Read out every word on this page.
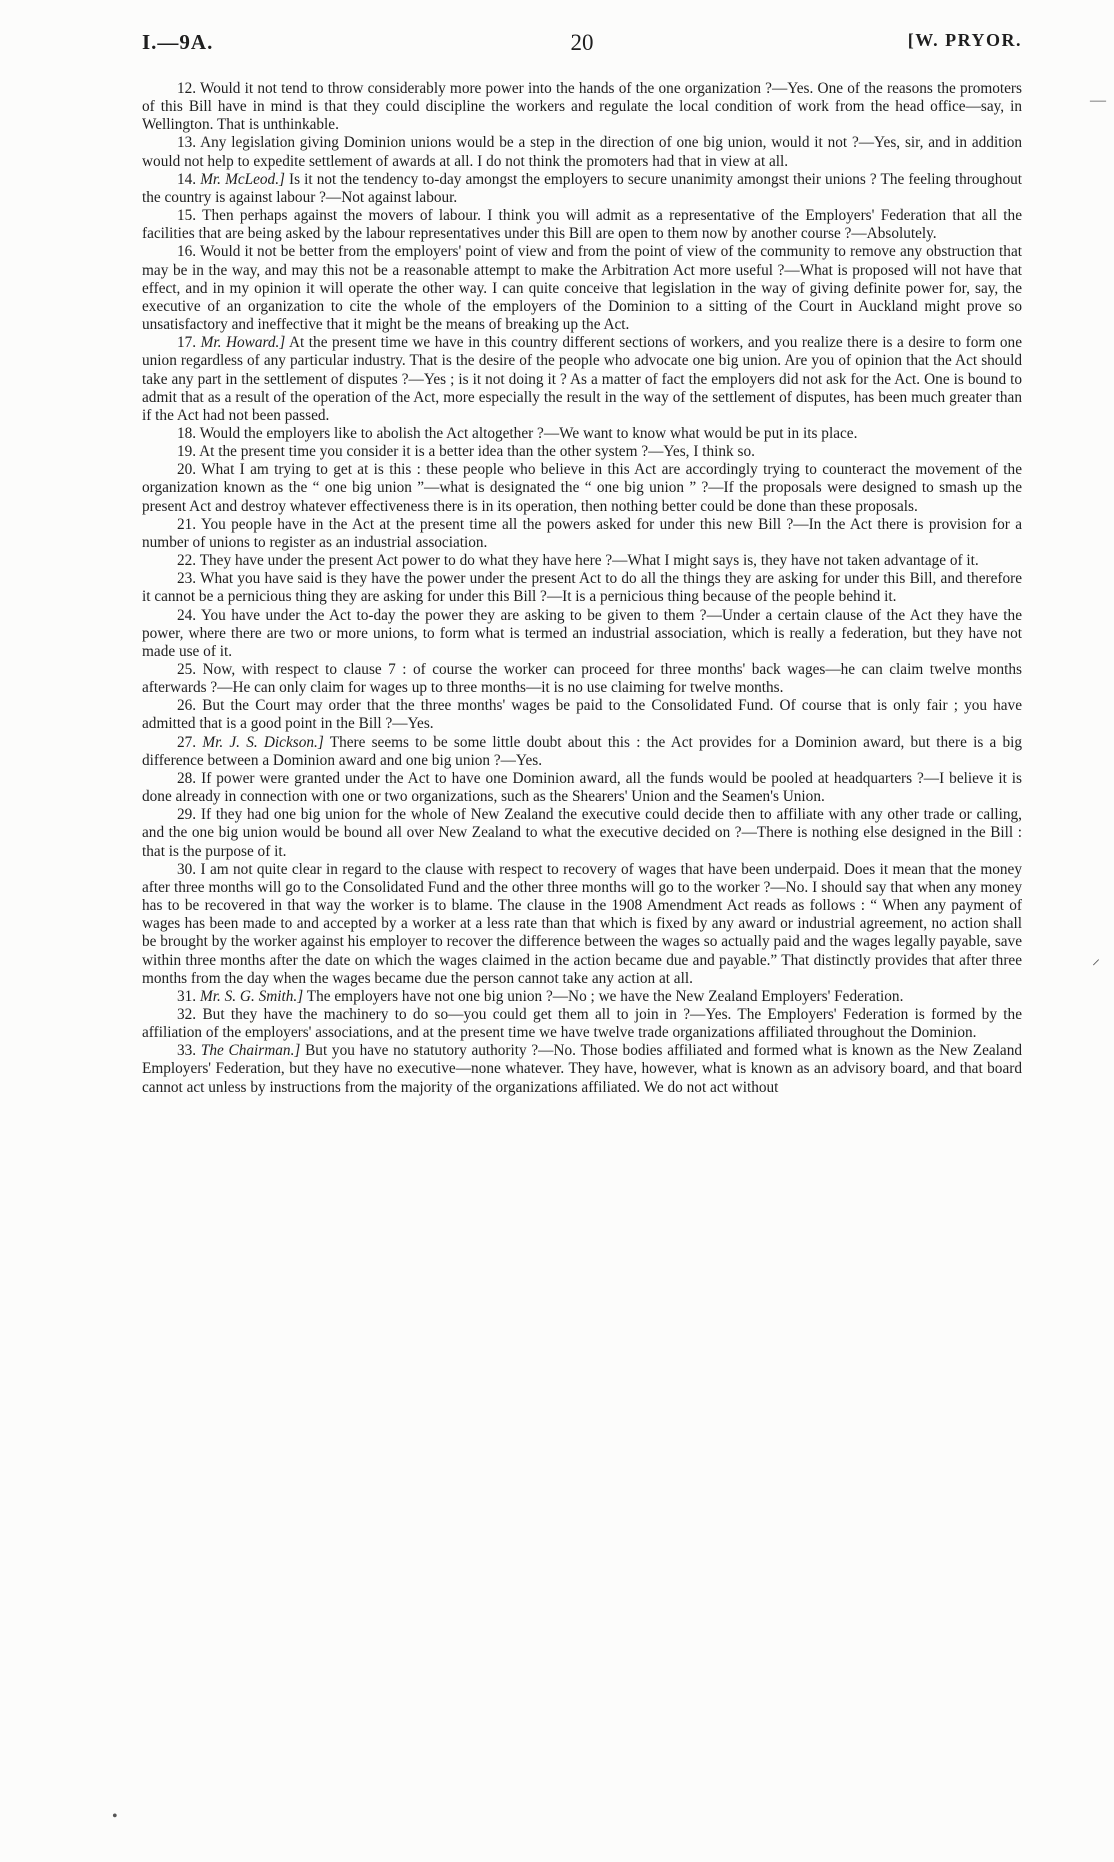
I.—9A.	20	[W. PRYOR.
—
⸝
•

12. Would it not tend to throw considerably more power into the hands of the one organization ?—Yes. One of the reasons the promoters of this Bill have in mind is that they could discipline the workers and regulate the local condition of work from the head office—say, in Wellington. That is unthinkable.

13. Any legislation giving Dominion unions would be a step in the direction of one big union, would it not ?—Yes, sir, and in addition would not help to expedite settlement of awards at all. I do not think the promoters had that in view at all.

14. Mr. McLeod.] Is it not the tendency to-day amongst the employers to secure unanimity amongst their unions ? The feeling throughout the country is against labour ?—Not against labour.

15. Then perhaps against the movers of labour. I think you will admit as a representative of the Employers' Federation that all the facilities that are being asked by the labour representatives under this Bill are open to them now by another course ?—Absolutely.

16. Would it not be better from the employers' point of view and from the point of view of the community to remove any obstruction that may be in the way, and may this not be a reasonable attempt to make the Arbitration Act more useful ?—What is proposed will not have that effect, and in my opinion it will operate the other way. I can quite conceive that legislation in the way of giving definite power for, say, the executive of an organization to cite the whole of the employers of the Dominion to a sitting of the Court in Auckland might prove so unsatisfactory and ineffective that it might be the means of breaking up the Act.

17. Mr. Howard.] At the present time we have in this country different sections of workers, and you realize there is a desire to form one union regardless of any particular industry. That is the desire of the people who advocate one big union. Are you of opinion that the Act should take any part in the settlement of disputes ?—Yes ; is it not doing it ? As a matter of fact the employers did not ask for the Act. One is bound to admit that as a result of the operation of the Act, more especially the result in the way of the settlement of disputes, has been much greater than if the Act had not been passed.

18. Would the employers like to abolish the Act altogether ?—We want to know what would be put in its place.

19. At the present time you consider it is a better idea than the other system ?—Yes, I think so.

20. What I am trying to get at is this : these people who believe in this Act are accordingly trying to counteract the movement of the organization known as the “ one big union ”—what is designated the “ one big union ” ?—If the proposals were designed to smash up the present Act and destroy whatever effectiveness there is in its operation, then nothing better could be done than these proposals.

21. You people have in the Act at the present time all the powers asked for under this new Bill ?—In the Act there is provision for a number of unions to register as an industrial association.

22. They have under the present Act power to do what they have here ?—What I might says is, they have not taken advantage of it.

23. What you have said is they have the power under the present Act to do all the things they are asking for under this Bill, and therefore it cannot be a pernicious thing they are asking for under this Bill ?—It is a pernicious thing because of the people behind it.

24. You have under the Act to-day the power they are asking to be given to them ?—Under a certain clause of the Act they have the power, where there are two or more unions, to form what is termed an industrial association, which is really a federation, but they have not made use of it.

25. Now, with respect to clause 7 : of course the worker can proceed for three months' back wages—he can claim twelve months afterwards ?—He can only claim for wages up to three months—it is no use claiming for twelve months.

26. But the Court may order that the three months' wages be paid to the Consolidated Fund. Of course that is only fair ; you have admitted that is a good point in the Bill ?—Yes.

27. Mr. J. S. Dickson.] There seems to be some little doubt about this : the Act provides for a Dominion award, but there is a big difference between a Dominion award and one big union ?—Yes.

28. If power were granted under the Act to have one Dominion award, all the funds would be pooled at headquarters ?—I believe it is done already in connection with one or two organizations, such as the Shearers' Union and the Seamen's Union.

29. If they had one big union for the whole of New Zealand the executive could decide then to affiliate with any other trade or calling, and the one big union would be bound all over New Zealand to what the executive decided on ?—There is nothing else designed in the Bill : that is the purpose of it.

30. I am not quite clear in regard to the clause with respect to recovery of wages that have been underpaid. Does it mean that the money after three months will go to the Consolidated Fund and the other three months will go to the worker ?—No. I should say that when any money has to be recovered in that way the worker is to blame. The clause in the 1908 Amendment Act reads as follows : “ When any payment of wages has been made to and accepted by a worker at a less rate than that which is fixed by any award or industrial agreement, no action shall be brought by the worker against his employer to recover the difference between the wages so actually paid and the wages legally payable, save within three months after the date on which the wages claimed in the action became due and payable.” That distinctly provides that after three months from the day when the wages became due the person cannot take any action at all.

31. Mr. S. G. Smith.] The employers have not one big union ?—No ; we have the New Zealand Employers' Federation.

32. But they have the machinery to do so—you could get them all to join in ?—Yes. The Employers' Federation is formed by the affiliation of the employers' associations, and at the present time we have twelve trade organizations affiliated throughout the Dominion.

33. The Chairman.] But you have no statutory authority ?—No. Those bodies affiliated and formed what is known as the New Zealand Employers' Federation, but they have no executive—none whatever. They have, however, what is known as an advisory board, and that board cannot act unless by instructions from the majority of the organizations affiliated. We do not act without
